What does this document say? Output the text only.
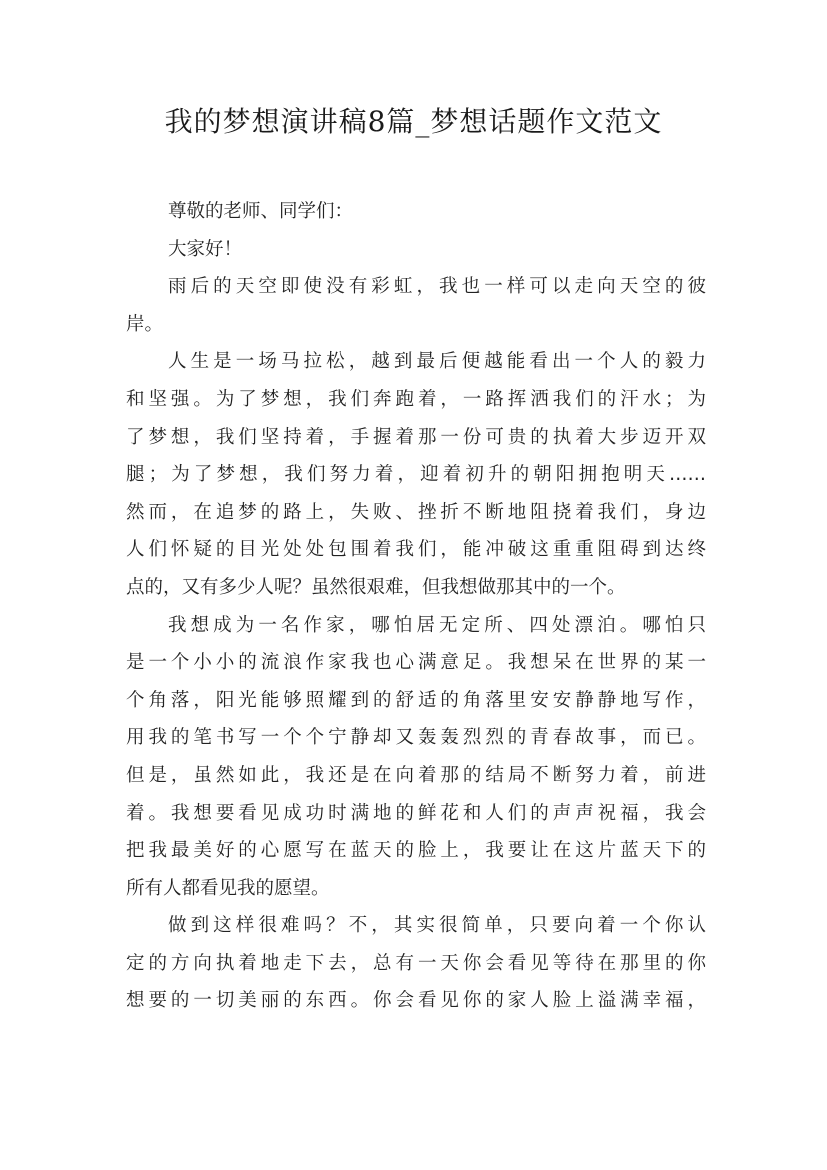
我的梦想演讲稿8篇_梦想话题作文范文
尊敬的老师、同学们：
大家好！
雨后的天空即使没有彩虹，我也一样可以走向天空的彼
岸。
人生是一场马拉松，越到最后便越能看出一个人的毅力
和坚强。为了梦想，我们奔跑着，一路挥洒我们的汗水；为
了梦想，我们坚持着，手握着那一份可贵的执着大步迈开双
腿；为了梦想，我们努力着，迎着初升的朝阳拥抱明天……
然而，在追梦的路上，失败、挫折不断地阻挠着我们，身边
人们怀疑的目光处处包围着我们，能冲破这重重阻碍到达终
点的，又有多少人呢？虽然很艰难，但我想做那其中的一个。
我想成为一名作家，哪怕居无定所、四处漂泊。哪怕只
是一个小小的流浪作家我也心满意足。我想呆在世界的某一
个角落，阳光能够照耀到的舒适的角落里安安静静地写作，
用我的笔书写一个个宁静却又轰轰烈烈的青春故事，而已。
但是，虽然如此，我还是在向着那的结局不断努力着，前进
着。我想要看见成功时满地的鲜花和人们的声声祝福，我会
把我最美好的心愿写在蓝天的脸上，我要让在这片蓝天下的
所有人都看见我的愿望。
做到这样很难吗？不，其实很简单，只要向着一个你认
定的方向执着地走下去，总有一天你会看见等待在那里的你
想要的一切美丽的东西。你会看见你的家人脸上溢满幸福，
